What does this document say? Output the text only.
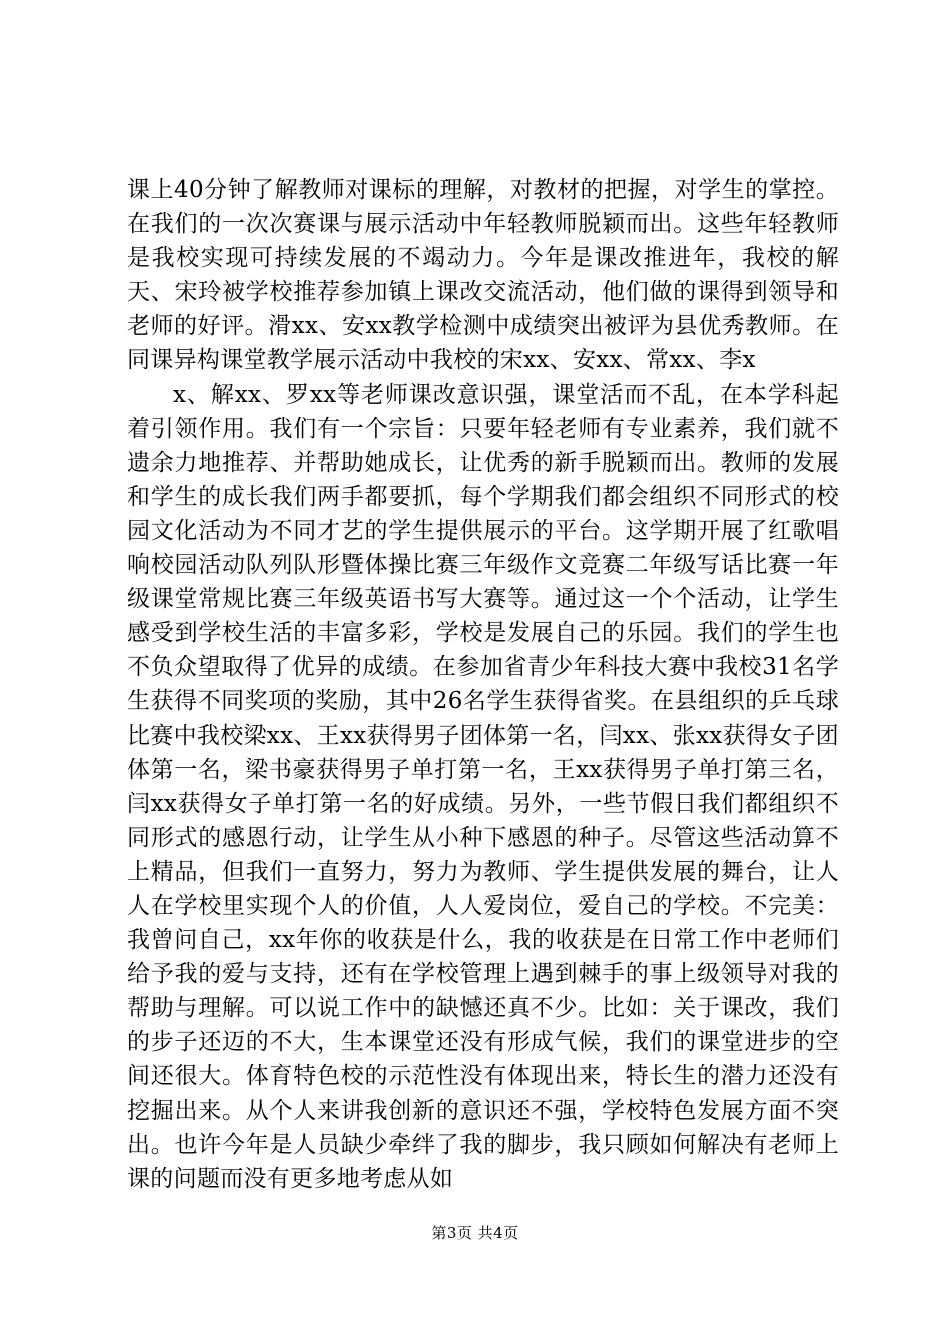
课上40分钟了解教师对课标的理解，对教材的把握，对学生的掌控。在我们的一次次赛课与展示活动中年轻教师脱颖而出。这些年轻教师是我校实现可持续发展的不竭动力。今年是课改推进年，我校的解天、宋玲被学校推荐参加镇上课改交流活动，他们做的课得到领导和老师的好评。滑xx、安xx教学检测中成绩突出被评为县优秀教师。在同课异构课堂教学展示活动中我校的宋xx、安xx、常xx、李x

x、解xx、罗xx等老师课改意识强，课堂活而不乱，在本学科起着引领作用。我们有一个宗旨：只要年轻老师有专业素养，我们就不遗余力地推荐、并帮助她成长，让优秀的新手脱颖而出。教师的发展和学生的成长我们两手都要抓，每个学期我们都会组织不同形式的校园文化活动为不同才艺的学生提供展示的平台。这学期开展了红歌唱响校园活动队列队形暨体操比赛三年级作文竞赛二年级写话比赛一年级课堂常规比赛三年级英语书写大赛等。通过这一个个活动，让学生感受到学校生活的丰富多彩，学校是发展自己的乐园。我们的学生也不负众望取得了优异的成绩。在参加省青少年科技大赛中我校31名学生获得不同奖项的奖励，其中26名学生获得省奖。在县组织的乒乓球比赛中我校梁xx、王xx获得男子团体第一名，闫xx、张xx获得女子团体第一名，梁书豪获得男子单打第一名，王xx获得男子单打第三名，闫xx获得女子单打第一名的好成绩。另外，一些节假日我们都组织不同形式的感恩行动，让学生从小种下感恩的种子。尽管这些活动算不上精品，但我们一直努力，努力为教师、学生提供发展的舞台，让人人在学校里实现个人的价值，人人爱岗位，爱自己的学校。不完美：我曾问自己，xx年你的收获是什么，我的收获是在日常工作中老师们给予我的爱与支持，还有在学校管理上遇到棘手的事上级领导对我的帮助与理解。可以说工作中的缺憾还真不少。比如：关于课改，我们的步子还迈的不大，生本课堂还没有形成气候，我们的课堂进步的空间还很大。体育特色校的示范性没有体现出来，特长生的潜力还没有挖掘出来。从个人来讲我创新的意识还不强，学校特色发展方面不突出。也许今年是人员缺少牵绊了我的脚步，我只顾如何解决有老师上课的问题而没有更多地考虑从如

第3页 共4页
